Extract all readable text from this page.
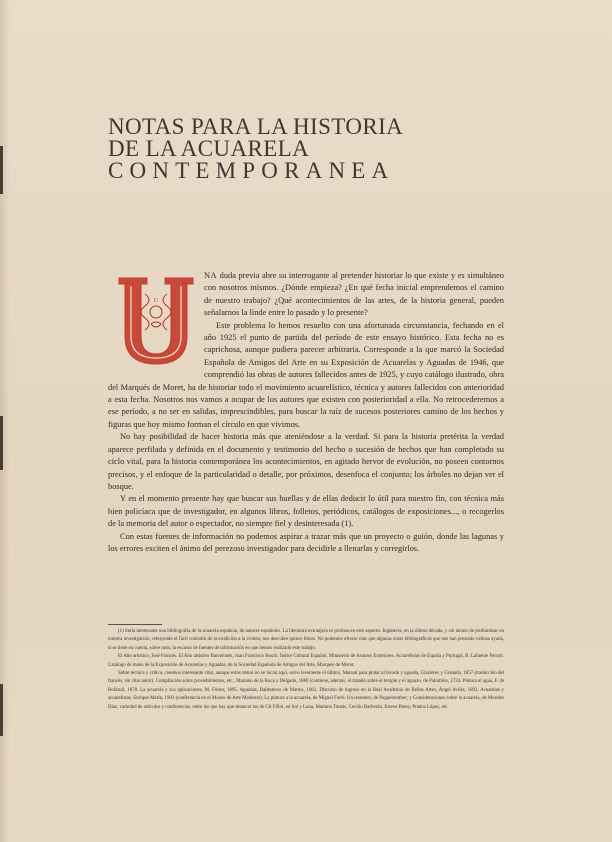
NOTAS PARA LA HISTORIA
DE LA ACUARELA
CONTEMPORANEA
U

NA duda previa abre su interrogante al pretender historiar lo que existe y es simultáneo con nosotros mismos. ¿Dónde empieza? ¿En qué fecha inicial emprendemos el camino de nuestro trabajo? ¿Qué acontecimientos de las artes, de la historia general, pueden señalarnos la linde entre lo pasado y lo presente?

Este problema lo hemos resuelto con una afortunada circunstancia, fechando en el año 1925 el punto de partida del período de este ensayo histórico. Esta fecha no es caprichosa, aunque pudiera parecer arbitraria. Corresponde a la que marcó la Sociedad Española de Amigos del Arte en su Exposición de Acuarelas y Aguadas de 1946, que comprendió las obras de autores fallecidos antes de 1925, y cuyo catálogo ilustrado, obra del Marqués de Moret, ha de historiar todo el movimiento acuarelístico, técnica y autores fallecidos con anterioridad a esta fecha. Nosotros nos vamos a ocupar de los autores que existen con posterioridad a ella. No retrocederemos a ese período, a no ser en salidas, imprescindibles, para buscar la raíz de sucesos posteriores camino de los hechos y figuras que hoy mismo forman el círculo en que vivimos.

No hay posibilidad de hacer historia más que ateniéndose a la verdad. Si para la historia pretérita la verdad aparece perfilada y definida en el documento y testimonio del hecho o sucesión de hechos que han completado su ciclo vital, para la historia contemporánea los acontecimientos, en agitado hervor de evolución, no poseen contornos precisos, y el enfoque de la particularidad o detalle, por próximos, desenfoca el conjunto; los árboles no dejan ver el bosque.

Y en el momento presente hay que buscar sus huellas y de ellas deducir lo útil para nuestro fin, con técnica más bien policíaca que de investigador, en algunos libros, folletos, periódicos, catálogos de exposiciones..., o recogerlos de la memoria del autor o espectador, no siempre fiel y desinteresada (1).

Con estas fuentes de información no podemos aspirar a trazar más que un proyecto o guión, donde las lagunas y los errores exciten el ánimo del perezoso investigador para decidirle a llenarlas y corregirlos.

(1) Sería interesante una bibliografía de la acuarela española, de autores españoles. La literatura extranjera es profusa en este aspecto. Inglaterra, en la última década, y sin ánimo de profundizar en nuestra investigación, rebuyendo el fácil comodín de la erudición a la violeta, nos descubre quince libros. No podemos ofrecer más que algunas notas bibliográficas que nos han prestado valiosa ayuda, si se tiene en cuenta, sobre todo, la escasez de fuentes de información en que hemos realizado este trabajo.

El Año artístico, José Francés. El Año artístico Barcelonés, Juan Francisco Bosch. Índice Cultural Español, Ministerio de Asuntos Exteriores. Acuarelistas de España y Portugal, R. Lafuente Ferrari. Catálogo de mano de la Exposición de Acuarelas y Aguadas, de la Sociedad Española de Amigos del Arte, Marqués de Moret.

Sobre técnica y crítica, creemos interesante citar, aunque estos temas no se tocan aquí, salvo levemente el último, Manual para pintar al lavado y aguada, Glazières y Granada, 1857 (traducción del francés, sin citar autor). Compilación sobre procedimientos, etc., Mariano de la Roca y Delgado, 1880 (contiene, además, el tratado sobre el temple y el aguazo, de Palomino, 1724. Pintura al agua, F. de Bofarull, 1878. La acuarela y sus aplicaciones, M. Fóster, 1895. Aguadas, Ballesteros de Martos, 1962. Discurso de ingreso en la Real Academia de Bellas Artes, Ángel Avilés, 1893. Acuarelas y acuarelistas, Enrique Marín, 1902 (conferencia en el Museo de Arte Moderno). La pintura a la acuarela, de Miguel Farré. Un resumen, de Poppelreuther; y Consideraciones sobre la acuarela, de Morales Díaz, variedad de artículos y conferencias, entre los que hay que destacar los de Gil Fillol, en Sol y Luna, Mariano Tomás, Cecilio Barberán, Esteve Botey, Prados López, etc.
